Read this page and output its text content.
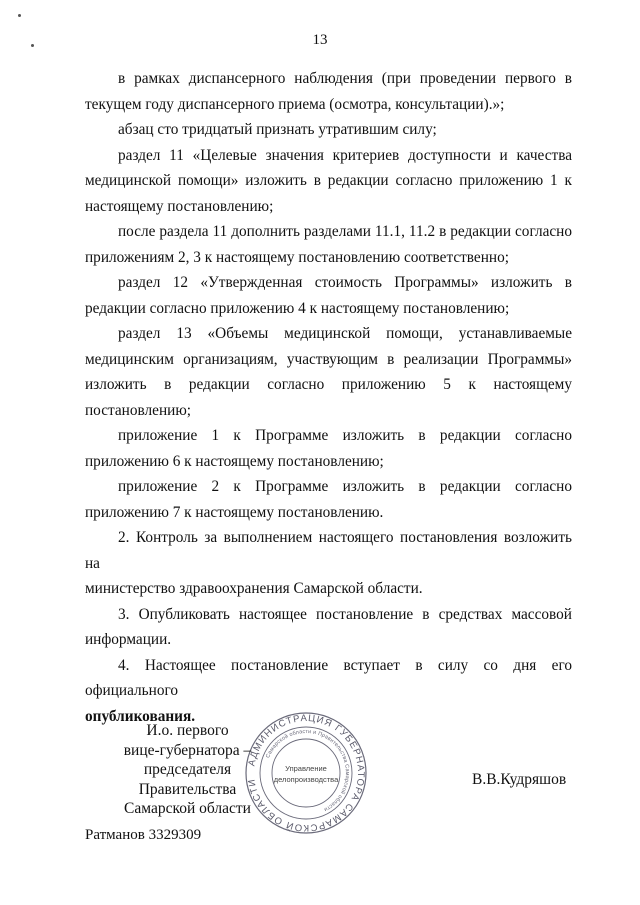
13
в рамках диспансерного наблюдения (при проведении первого в
текущем году диспансерного приема (осмотра, консультации).»;
абзац сто тридцатый признать утратившим силу;
раздел 11 «Целевые значения критериев доступности и качества
медицинской помощи» изложить в редакции согласно приложению 1 к настоящему постановлению;
после раздела 11 дополнить разделами 11.1, 11.2 в редакции согласно
приложениям 2, 3 к настоящему постановлению соответственно;
раздел 12 «Утвержденная стоимость Программы» изложить в
редакции согласно приложению 4 к настоящему постановлению;
раздел 13 «Объемы медицинской помощи, устанавливаемые
медицинским организациям, участвующим в реализации Программы» изложить в редакции согласно приложению 5 к настоящему постановлению;
приложение 1 к Программе изложить в редакции согласно
приложению 6 к настоящему постановлению;
приложение 2 к Программе изложить в редакции согласно
приложению 7 к настоящему постановлению.
2. Контроль за выполнением настоящего постановления возложить на
министерство здравоохранения Самарской области.
3. Опубликовать настоящее постановление в средствах массовой
информации.
4. Настоящее постановление вступает в силу со дня его официального
опубликования.
АДМИНИСТРАЦИЯ ГУБЕРНАТОРА САМАРСКОЙ ОБЛАСТИ
Самарской области и Правительства Самарской области
Управление
делопроизводства
И.о. первого
вице-губернатора –
председателя Правительства
Самарской области
В.В.Кудряшов
Ратманов 3329309
